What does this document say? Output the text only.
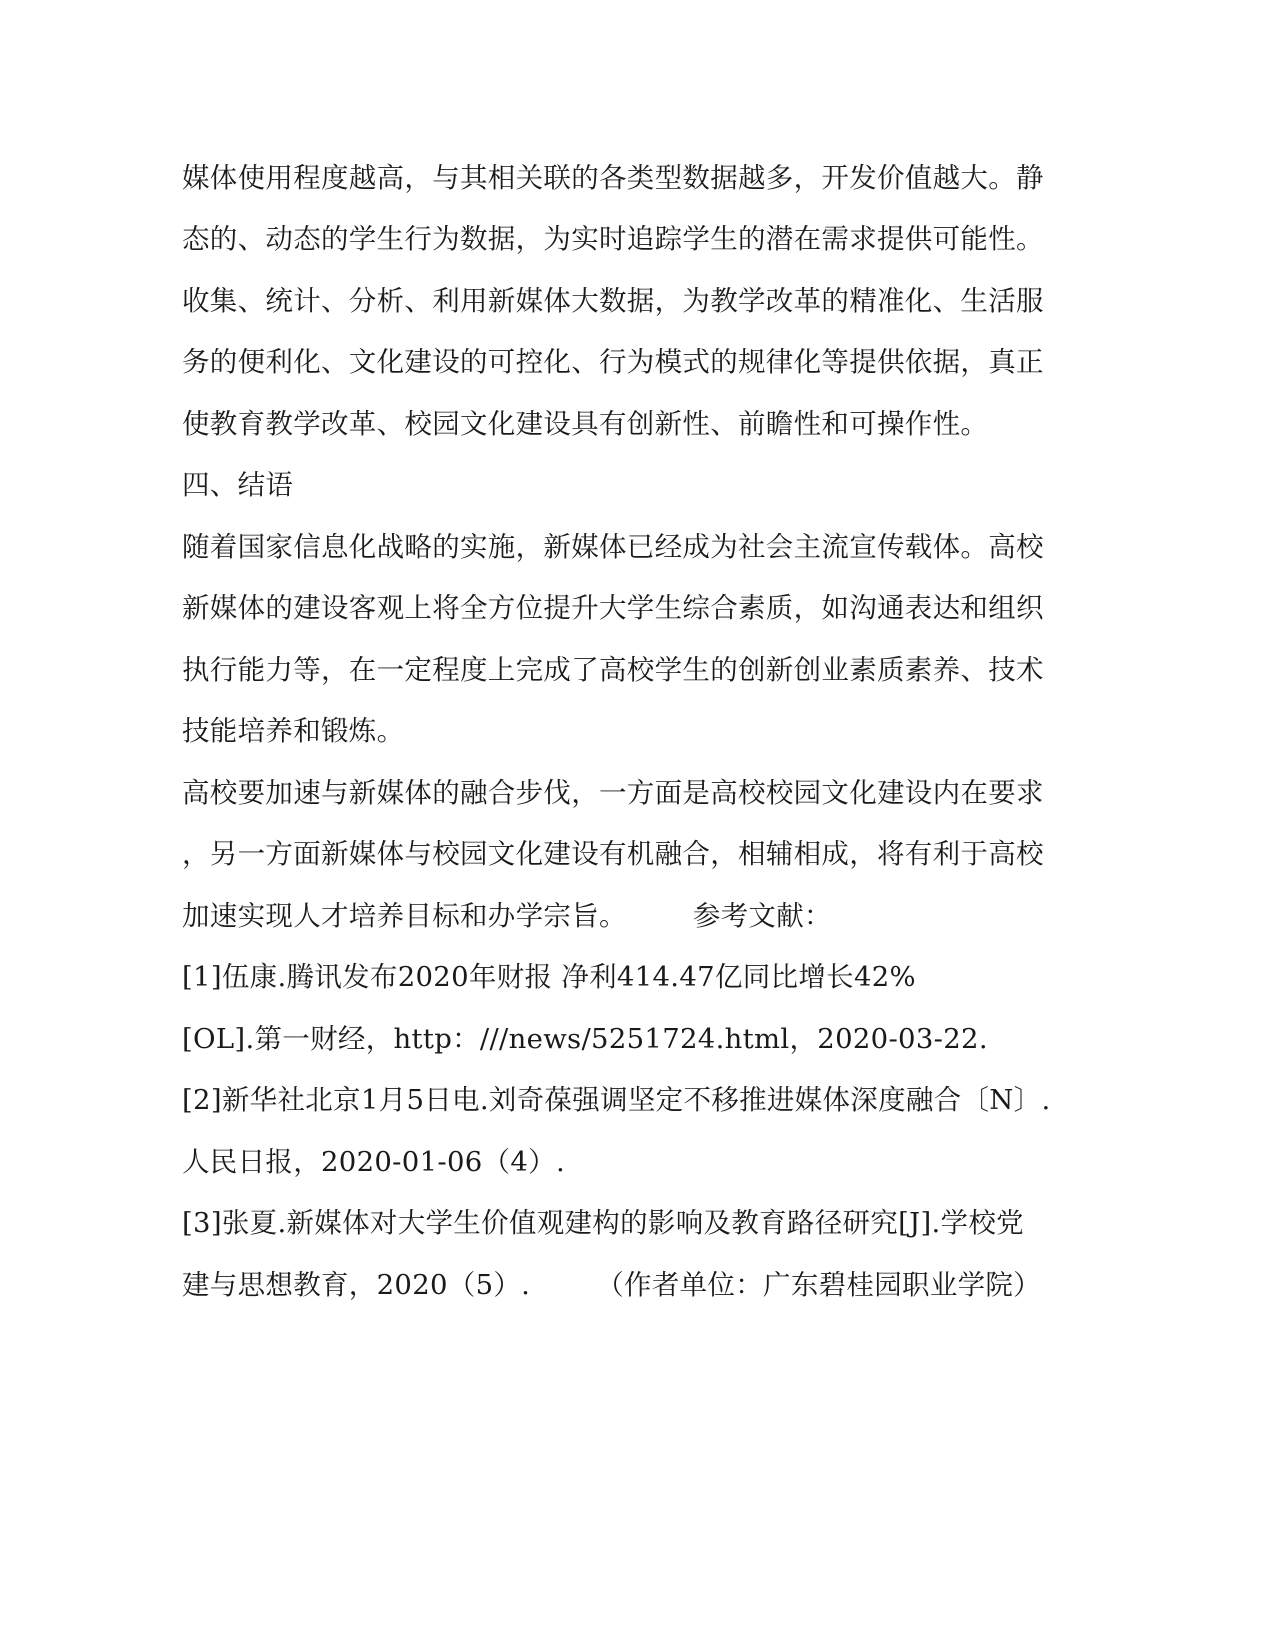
媒体使用程度越高，与其相关联的各类型数据越多，开发价值越大。静
态的、动态的学生行为数据，为实时追踪学生的潜在需求提供可能性。
收集、统计、分析、利用新媒体大数据，为教学改革的精准化、生活服
务的便利化、文化建设的可控化、行为模式的规律化等提供依据，真正
使教育教学改革、校园文化建设具有创新性、前瞻性和可操作性。
四、结语
随着国家信息化战略的实施，新媒体已经成为社会主流宣传载体。高校
新媒体的建设客观上将全方位提升大学生综合素质，如沟通表达和组织
执行能力等，在一定程度上完成了高校学生的创新创业素质素养、技术
技能培养和锻炼。
高校要加速与新媒体的融合步伐，一方面是高校校园文化建设内在要求
，另一方面新媒体与校园文化建设有机融合，相辅相成，将有利于高校
加速实现人才培养目标和办学宗旨。 参考文献：
[1]伍康.腾讯发布2020年财报 净利414.47亿同比增长42%
[OL].第一财经，http：///news/5251724.html，2020-03-22.
[2]新华社北京1月5日电.刘奇葆强调坚定不移推进媒体深度融合〔N〕.
人民日报，2020-01-06（4）.
[3]张夏.新媒体对大学生价值观建构的影响及教育路径研究[J].学校党
建与思想教育，2020（5）. （作者单位：广东碧桂园职业学院）
